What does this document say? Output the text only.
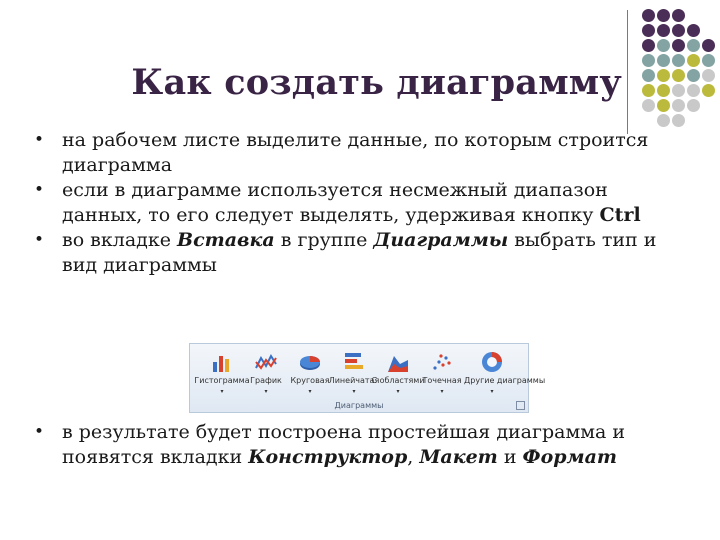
Как создать диаграмму
• на рабочем листе выделите данные, по которым строится диаграмма
• если в диаграмме используется несмежный диапазон данных, то его следует выделять, удерживая кнопку Ctrl
• во вкладке Вставка в группе Диаграммы выбрать тип и вид диаграммы
Гистограмма
▾
График
▾
Круговая
▾
Линейчатая
▾
С областями
▾
Точечная
▾
Другие диаграммы
▾
Диаграммы
• в результате будет построена простейшая диаграмма и появятся вкладки Конструктор, Макет и Формат
